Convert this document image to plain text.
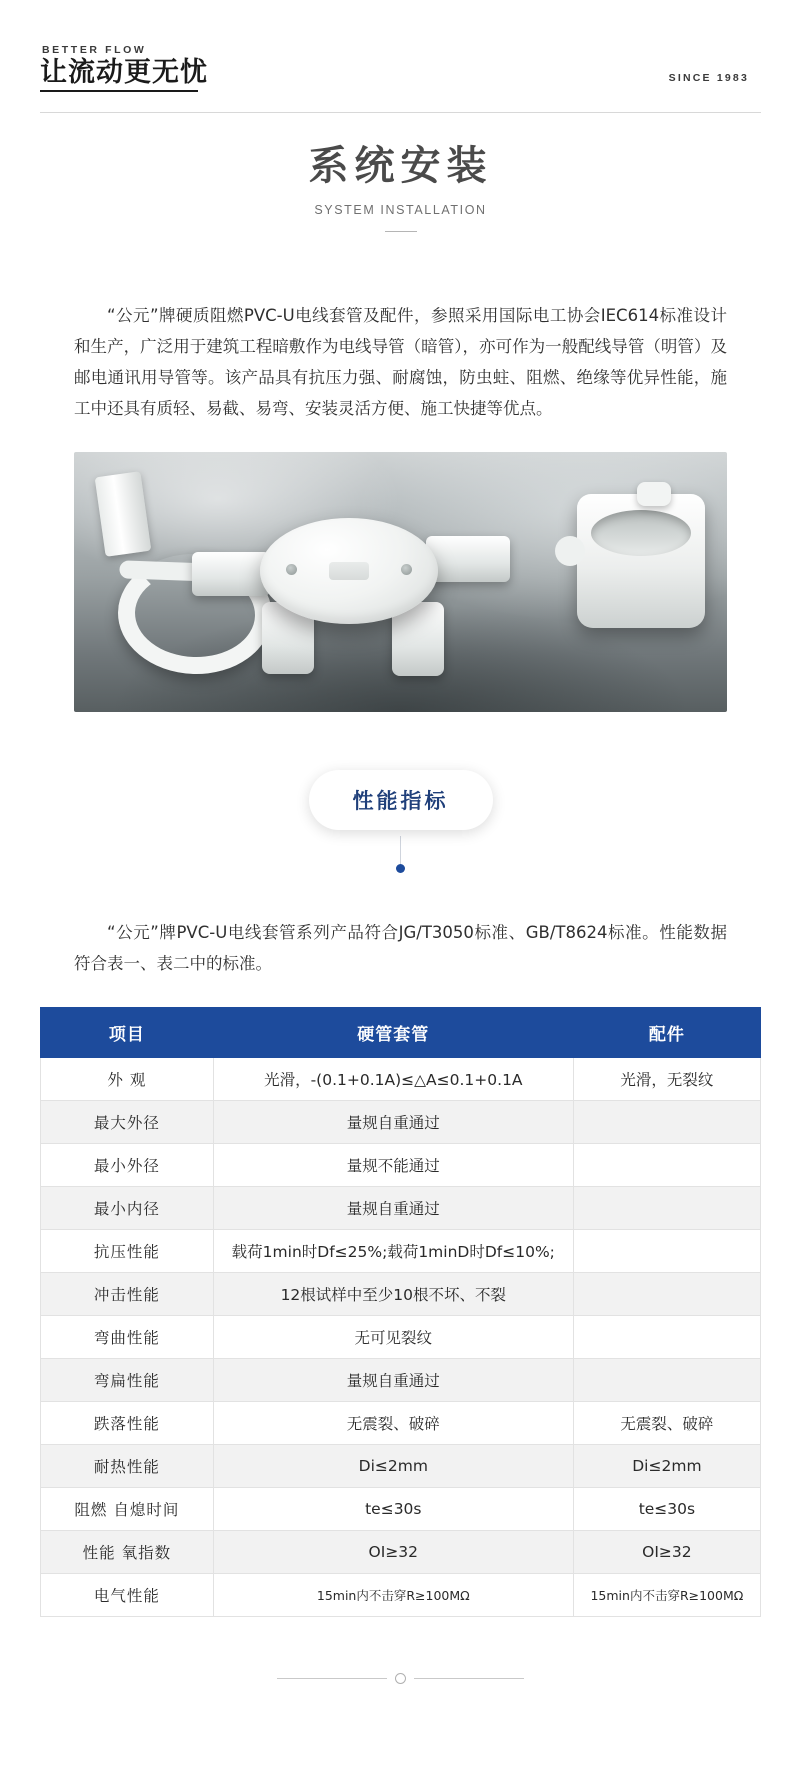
BETTER FLOW
让流动更无忧	SINCE 1983
系统安装
SYSTEM INSTALLATION

“公元”牌硬质阻燃PVC-U电线套管及配件，参照采用国际电工协会IEC614标准设计和生产，广泛用于建筑工程暗敷作为电线导管（暗管），亦可作为一般配线导管（明管）及邮电通讯用导管等。该产品具有抗压力强、耐腐蚀，防虫蛀、阻燃、绝缘等优异性能，施工中还具有质轻、易截、易弯、安装灵活方便、施工快捷等优点。

性能指标

“公元”牌PVC-U电线套管系列产品符合JG/T3050标准、GB/T8624标准。性能数据符合表一、表二中的标准。

项目	硬管套管	配件
外 观	光滑，-(0.1+0.1A)≤△A≤0.1+0.1A	光滑，无裂纹
最大外径	量规自重通过	
最小外径	量规不能通过	
最小内径	量规自重通过	
抗压性能	载荷1min时Df≤25%;载荷1minD时Df≤10%;	
冲击性能	12根试样中至少10根不坏、不裂	
弯曲性能	无可见裂纹	
弯扁性能	量规自重通过	
跌落性能	无震裂、破碎	无震裂、破碎
耐热性能	Di≤2mm	Di≤2mm
阻燃 自熄时间	te≤30s	te≤30s
性能 氧指数	OI≥32	OI≥32
电气性能	15min内不击穿R≥100MΩ	15min内不击穿R≥100MΩ
